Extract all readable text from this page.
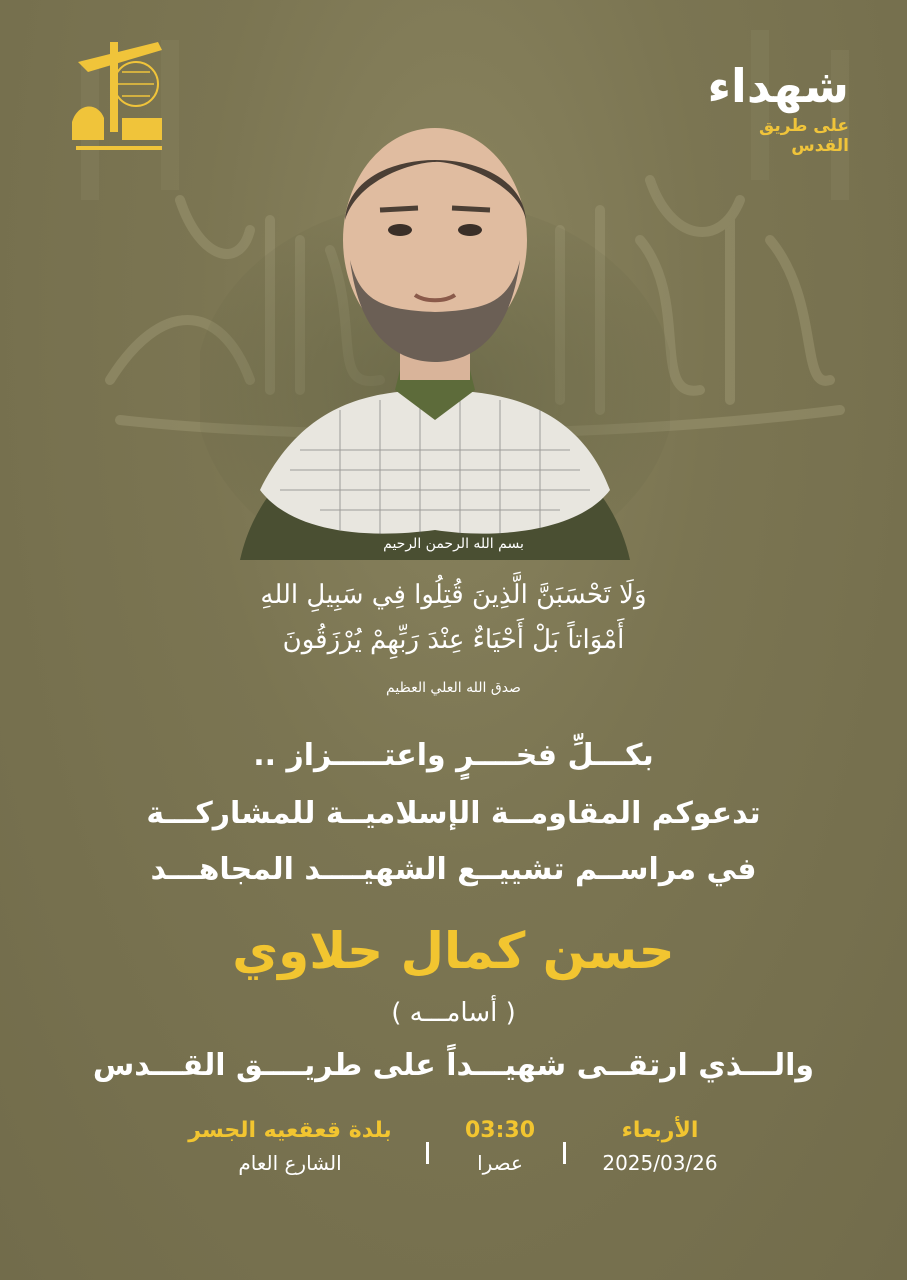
شهداء
على طريق القدس
بسم الله الرحمن الرحيم
وَلَا تَحْسَبَنَّ الَّذِينَ قُتِلُوا فِي سَبِيلِ اللهِ
أَمْوَاتاً بَلْ أَحْيَاءٌ عِنْدَ رَبِّهِمْ يُرْزَقُونَ
صدق الله العلي العظيم
بكـــلِّ فخــــرٍ واعتـــــزاز ..
تدعوكم المقاومــة الإسلاميــة للمشاركـــة
في مراســم تشييــع الشهيــــد المجاهـــد
حسن كمال حلاوي
( أسامـــه )
والـــذي ارتقــى شهيـــداً على طريــــق القـــدس
الأربعاء
2025/03/26
03:30
عصرا
بلدة قعقعيه الجسر
الشارع العام
